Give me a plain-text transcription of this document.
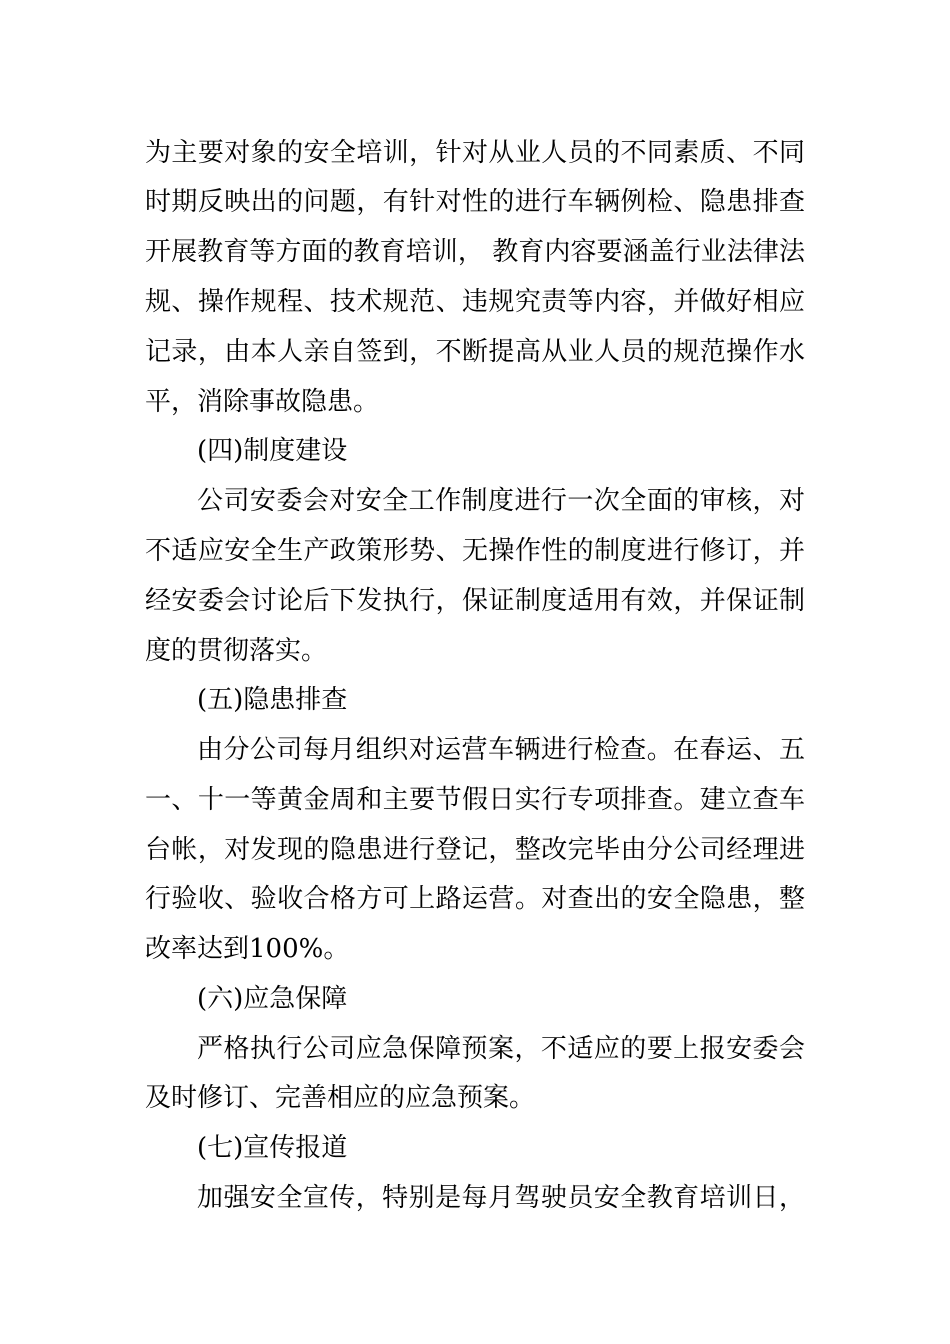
为主要对象的安全培训，针对从业人员的不同素质、不同
时期反映出的问题，有针对性的进行车辆例检、隐患排查
开展教育等方面的教育培训， 教育内容要涵盖行业法律法
规、操作规程、技术规范、违规究责等内容，并做好相应
记录，由本人亲自签到，不断提高从业人员的规范操作水
平，消除事故隐患。
(四)制度建设
公司安委会对安全工作制度进行一次全面的审核，对
不适应安全生产政策形势、无操作性的制度进行修订，并
经安委会讨论后下发执行，保证制度适用有效，并保证制
度的贯彻落实。
(五)隐患排查
由分公司每月组织对运营车辆进行检查。在春运、五
一、十一等黄金周和主要节假日实行专项排查。建立查车
台帐，对发现的隐患进行登记，整改完毕由分公司经理进
行验收、验收合格方可上路运营。对查出的安全隐患，整
改率达到100%。
(六)应急保障
严格执行公司应急保障预案，不适应的要上报安委会
及时修订、完善相应的应急预案。
(七)宣传报道
加强安全宣传，特别是每月驾驶员安全教育培训日，
